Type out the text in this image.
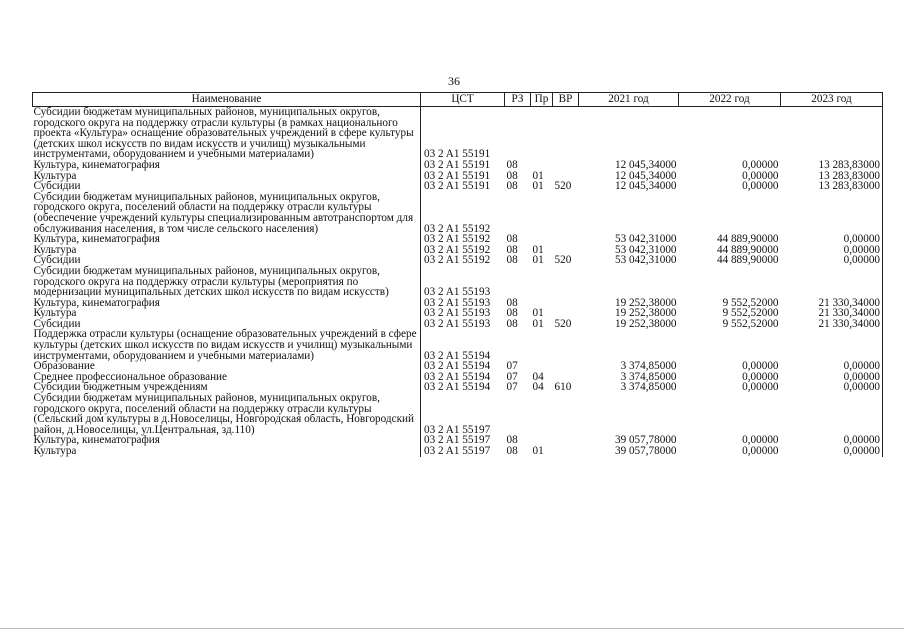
36
Наименование	ЦСТ	РЗ	Пр	ВР	2021 год	2022 год	2023 год
Субсидии бюджетам муниципальных районов, муниципальных округов, городского округа на поддержку отрасли культуры (в рамках национального проекта «Культура» оснащение образовательных учреждений в сфере культуры (детских школ искусств по видам искусств и училищ) музыкальными инструментами, оборудованием и учебными материалами)	03 2 A1 55191						
Культура, кинематография	03 2 A1 55191	08			12 045,34000	0,00000	13 283,83000
Культура	03 2 A1 55191	08	01		12 045,34000	0,00000	13 283,83000
Субсидии	03 2 A1 55191	08	01	520	12 045,34000	0,00000	13 283,83000
Субсидии бюджетам муниципальных районов, муниципальных округов, городского округа, поселений области на поддержку отрасли культуры (обеспечение учреждений культуры специализированным автотранспортом для обслуживания населения, в том числе сельского населения)	03 2 A1 55192						
Культура, кинематография	03 2 A1 55192	08			53 042,31000	44 889,90000	0,00000
Культура	03 2 A1 55192	08	01		53 042,31000	44 889,90000	0,00000
Субсидии	03 2 A1 55192	08	01	520	53 042,31000	44 889,90000	0,00000
Субсидии бюджетам муниципальных районов, муниципальных округов, городского округа на поддержку отрасли культуры (мероприятия по модернизации муниципальных детских школ искусств по видам искусств)	03 2 A1 55193						
Культура, кинематография	03 2 A1 55193	08			19 252,38000	9 552,52000	21 330,34000
Культура	03 2 A1 55193	08	01		19 252,38000	9 552,52000	21 330,34000
Субсидии	03 2 A1 55193	08	01	520	19 252,38000	9 552,52000	21 330,34000
Поддержка отрасли культуры (оснащение образовательных учреждений в сфере культуры (детских школ искусств по видам искусств и училищ) музыкальными инструментами, оборудованием и учебными материалами)	03 2 A1 55194						
Образование	03 2 A1 55194	07			3 374,85000	0,00000	0,00000
Среднее профессиональное образование	03 2 A1 55194	07	04		3 374,85000	0,00000	0,00000
Субсидии бюджетным учреждениям	03 2 A1 55194	07	04	610	3 374,85000	0,00000	0,00000
Субсидии бюджетам муниципальных районов, муниципальных округов, городского округа, поселений области на поддержку отрасли культуры (Сельский дом культуры в д.Новоселицы, Новгородская область, Новгородский район, д.Новоселицы, ул.Центральная, зд.110)	03 2 A1 55197						
Культура, кинематография	03 2 A1 55197	08			39 057,78000	0,00000	0,00000
Культура	03 2 A1 55197	08	01		39 057,78000	0,00000	0,00000
